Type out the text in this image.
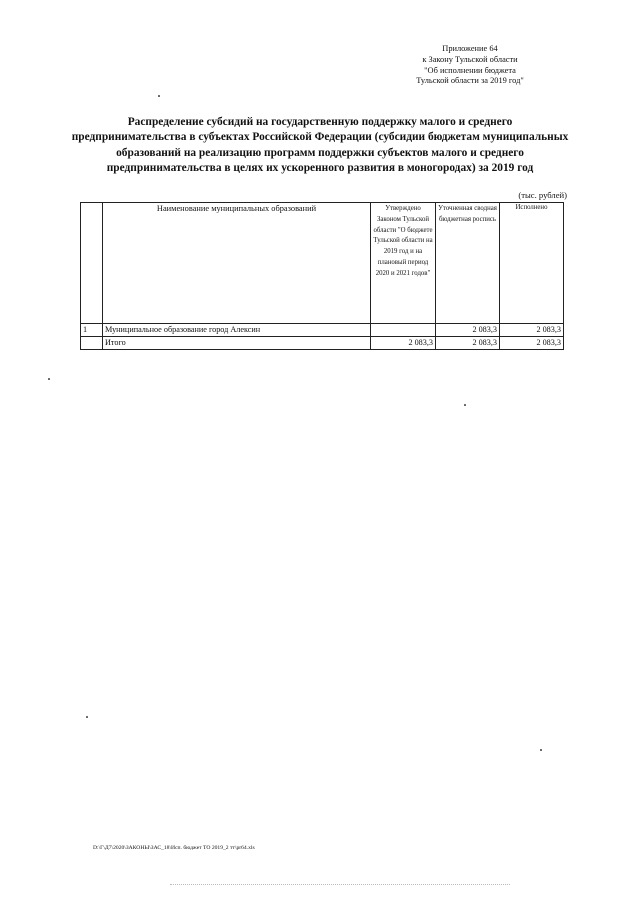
Приложение 64
к Закону Тульской области
"Об исполнении бюджета
Тульской области за 2019 год"
Распределение субсидий на государственную поддержку малого и среднего предпринимательства в субъектах Российской Федерации (субсидии бюджетам муниципальных образований на реализацию программ поддержки субъектов малого и среднего предпринимательства в целях их ускоренного развития в моногородах) за 2019 год
(тыс. рублей)
	Наименование муниципальных образований	Утверждено Законом Тульской области "О бюджете Тульской области на 2019 год и на плановый период 2020 и 2021 годов"	Уточненная сводная бюджетная роспись	Исполнено
1	Муниципальное образование город Алексин		2 083,3	2 083,3
	Итого	2 083,3	2 083,3	2 083,3
D:\Г\Д7\2020\ЗАКОНЫ\ЗАС_18\Исп. бюджет ТО 2019_2 тт\pr64.xls
